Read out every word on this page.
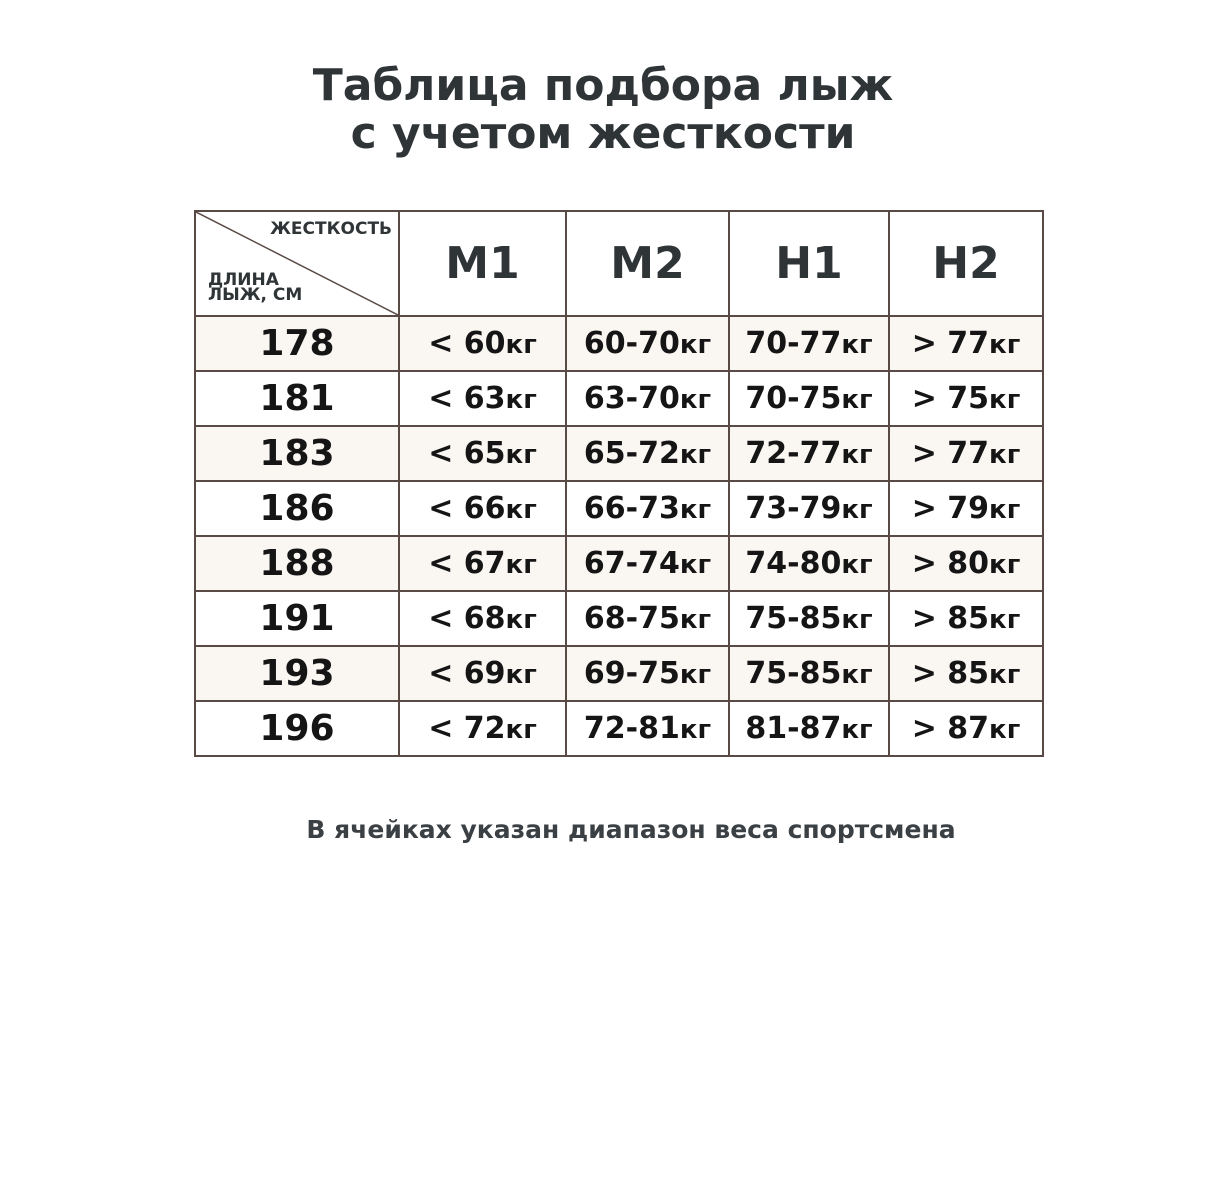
Таблица подбора лыж
с учетом жесткости
ЖЕСТКОСТЬ
ДЛИНА
ЛЫЖ, СМ	М1	М2	Н1	Н2
178	< 60кг	60-70кг	70-77кг	> 77кг
181	< 63кг	63-70кг	70-75кг	> 75кг
183	< 65кг	65-72кг	72-77кг	> 77кг
186	< 66кг	66-73кг	73-79кг	> 79кг
188	< 67кг	67-74кг	74-80кг	> 80кг
191	< 68кг	68-75кг	75-85кг	> 85кг
193	< 69кг	69-75кг	75-85кг	> 85кг
196	< 72кг	72-81кг	81-87кг	> 87кг

В ячейках указан диапазон веса спортсмена
